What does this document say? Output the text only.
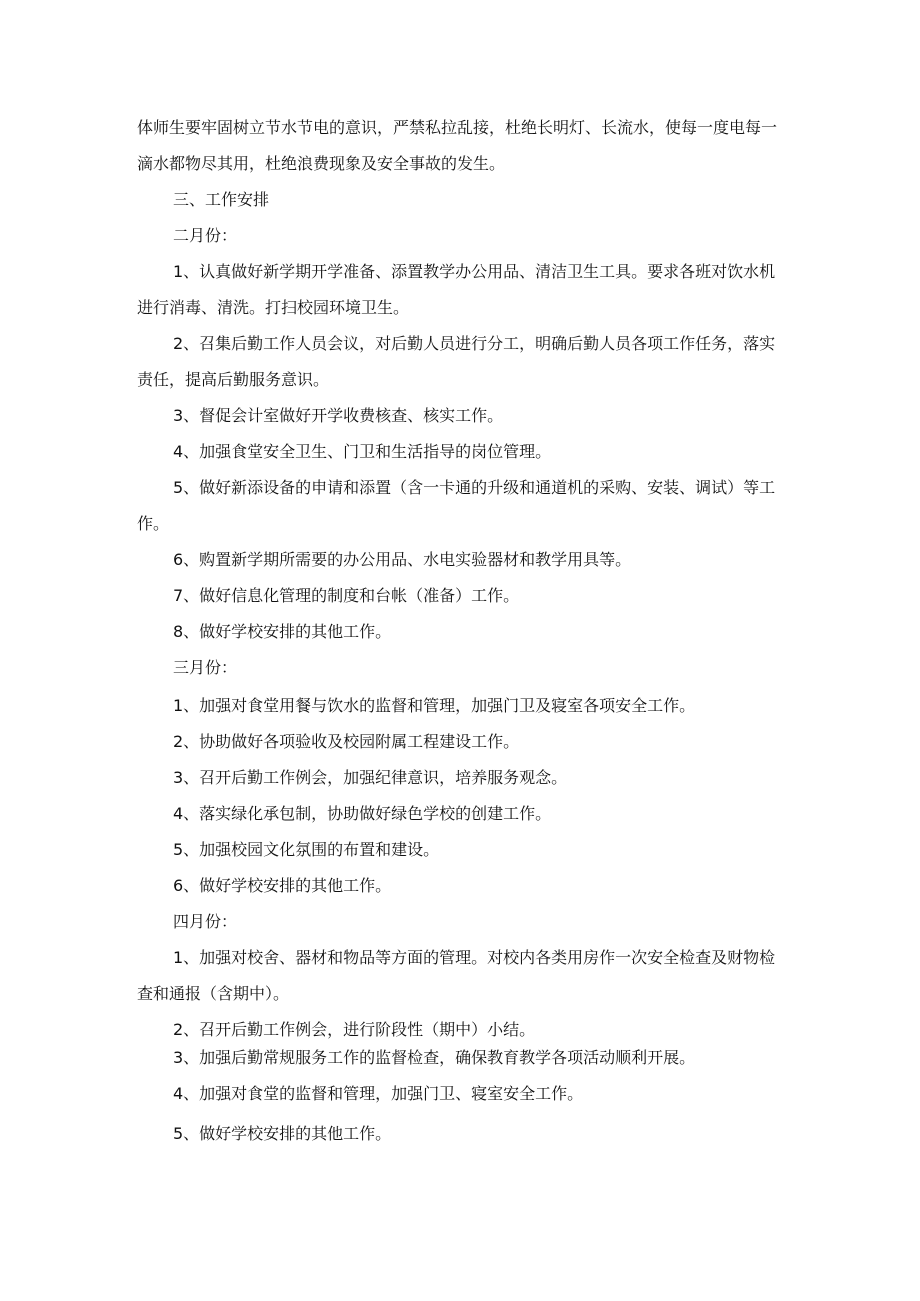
体师生要牢固树立节水节电的意识，严禁私拉乱接，杜绝长明灯、长流水，使每一度电每一滴水都物尽其用，杜绝浪费现象及安全事故的发生。

三、工作安排

二月份：

1、认真做好新学期开学准备、添置教学办公用品、清洁卫生工具。要求各班对饮水机进行消毒、清洗。打扫校园环境卫生。

2、召集后勤工作人员会议，对后勤人员进行分工，明确后勤人员各项工作任务，落实责任，提高后勤服务意识。

3、督促会计室做好开学收费核查、核实工作。

4、加强食堂安全卫生、门卫和生活指导的岗位管理。

5、做好新添设备的申请和添置（含一卡通的升级和通道机的采购、安装、调试）等工作。

6、购置新学期所需要的办公用品、水电实验器材和教学用具等。

7、做好信息化管理的制度和台帐（准备）工作。

8、做好学校安排的其他工作。

三月份：

1、加强对食堂用餐与饮水的监督和管理，加强门卫及寝室各项安全工作。

2、协助做好各项验收及校园附属工程建设工作。

3、召开后勤工作例会，加强纪律意识，培养服务观念。

4、落实绿化承包制，协助做好绿色学校的创建工作。

5、加强校园文化氛围的布置和建设。

6、做好学校安排的其他工作。

四月份：

1、加强对校舍、器材和物品等方面的管理。对校内各类用房作一次安全检查及财物检查和通报（含期中）。

2、召开后勤工作例会，进行阶段性（期中）小结。

3、加强后勤常规服务工作的监督检查，确保教育教学各项活动顺利开展。

4、加强对食堂的监督和管理，加强门卫、寝室安全工作。

5、做好学校安排的其他工作。
